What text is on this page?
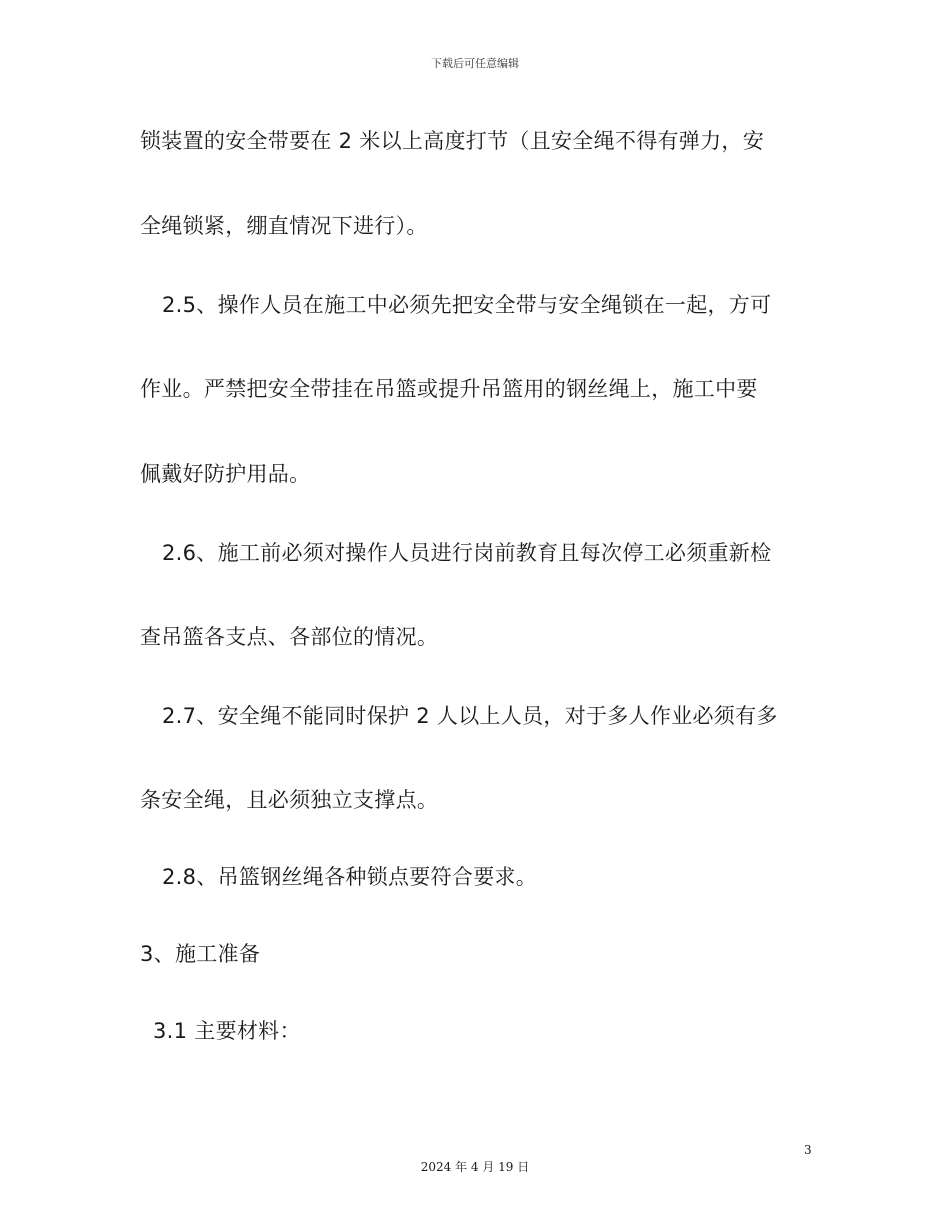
下载后可任意编辑
锁装置的安全带要在 2 米以上高度打节（且安全绳不得有弹力，安
全绳锁紧，绷直情况下进行）。
2.5、操作人员在施工中必须先把安全带与安全绳锁在一起，方可
作业。严禁把安全带挂在吊篮或提升吊篮用的钢丝绳上，施工中要
佩戴好防护用品。
2.6、施工前必须对操作人员进行岗前教育且每次停工必须重新检
查吊篮各支点、各部位的情况。
2.7、安全绳不能同时保护 2 人以上人员，对于多人作业必须有多
条安全绳，且必须独立支撑点。
2.8、吊篮钢丝绳各种锁点要符合要求。
3、施工准备
3.1 主要材料：
3
2024 年 4 月 19 日
